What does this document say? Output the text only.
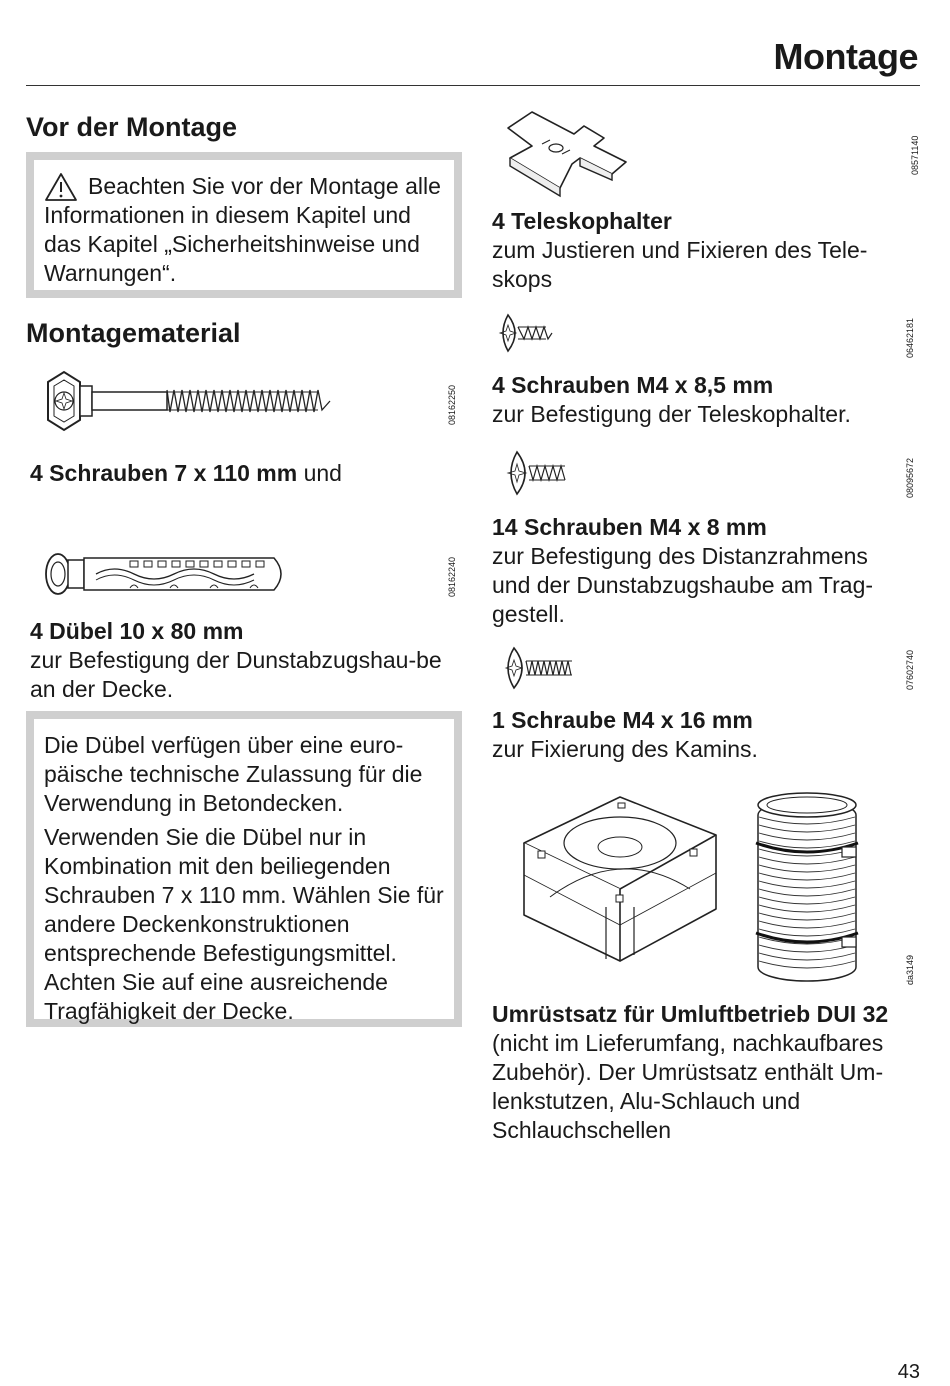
Montage
Vor der Montage

Beachten Sie vor der Montage alle Informationen in diesem Kapitel und das Kapitel „Sicherheitshinweise und Warnungen“.

Montagematerial
08162250

4 Schrauben 7 x 110 mm und

08162240

4 Dübel 10 x 80 mm
zur Befestigung der Dunstabzugshau-be an der Decke.

Die Dübel verfügen über eine euro-päische technische Zulassung für die Verwendung in Betondecken.

Verwenden Sie die Dübel nur in Kombination mit den beiliegenden Schrauben 7 x 110 mm. Wählen Sie für andere Deckenkonstruktionen entsprechende Befestigungsmittel. Achten Sie auf eine ausreichende Tragfähigkeit der Decke.

08571140

4 Teleskophalter
zum Justieren und Fixieren des Tele-skops

06462181

4 Schrauben M4 x 8,5 mm
zur Befestigung der Teleskophalter.

08095672

14 Schrauben M4 x 8 mm
zur Befestigung des Distanzrahmens und der Dunstabzugshaube am Trag-gestell.

07602740

1 Schraube M4 x 16 mm
zur Fixierung des Kamins.

da3149

Umrüstsatz für Umluftbetrieb DUI 32
(nicht im Lieferumfang, nachkaufbares Zubehör). Der Umrüstsatz enthält Um-lenkstutzen, Alu-Schlauch und Schlauchschellen

43
